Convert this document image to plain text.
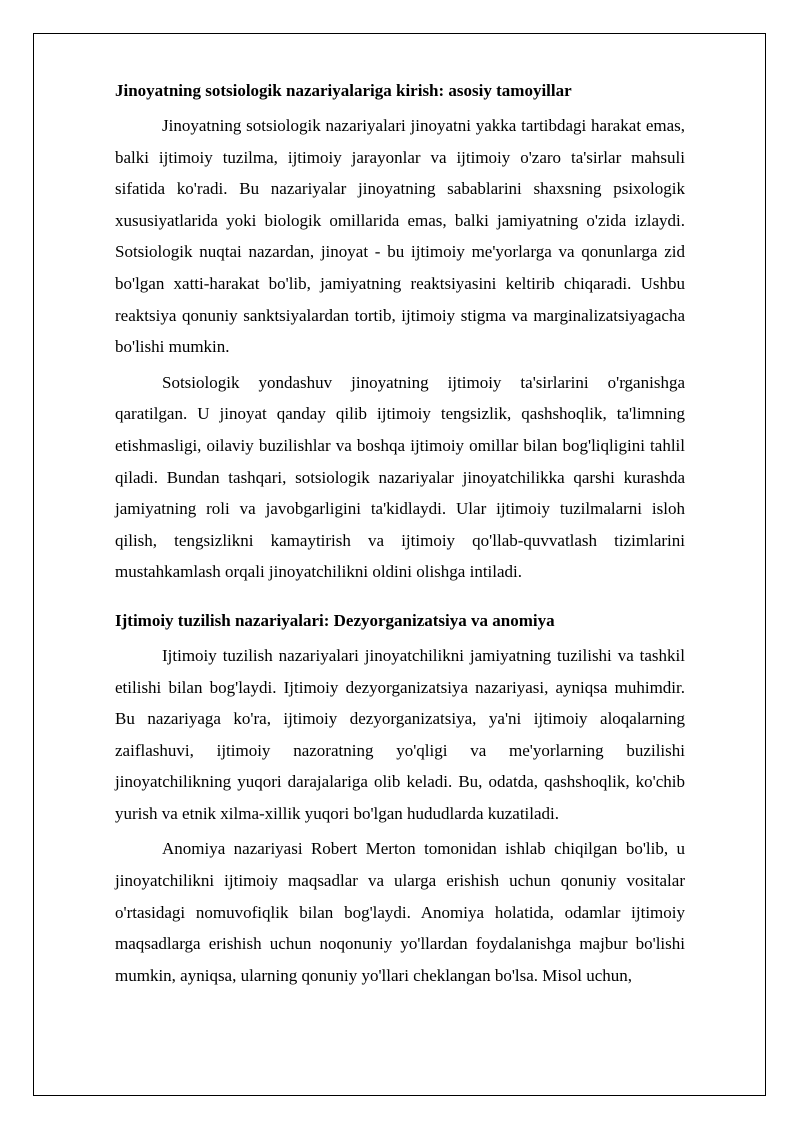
Jinoyatning sotsiologik nazariyalariga kirish: asosiy tamoyillar

Jinoyatning sotsiologik nazariyalari jinoyatni yakka tartibdagi harakat emas, balki ijtimoiy tuzilma, ijtimoiy jarayonlar va ijtimoiy o'zaro ta'sirlar mahsuli sifatida ko'radi. Bu nazariyalar jinoyatning sabablarini shaxsning psixologik xususiyatlarida yoki biologik omillarida emas, balki jamiyatning o'zida izlaydi. Sotsiologik nuqtai nazardan, jinoyat - bu ijtimoiy me'yorlarga va qonunlarga zid bo'lgan xatti-harakat bo'lib, jamiyatning reaktsiyasini keltirib chiqaradi. Ushbu reaktsiya qonuniy sanktsiyalardan tortib, ijtimoiy stigma va marginalizatsiyagacha bo'lishi mumkin.

Sotsiologik yondashuv jinoyatning ijtimoiy ta'sirlarini o'rganishga qaratilgan. U jinoyat qanday qilib ijtimoiy tengsizlik, qashshoqlik, ta'limning etishmasligi, oilaviy buzilishlar va boshqa ijtimoiy omillar bilan bog'liqligini tahlil qiladi. Bundan tashqari, sotsiologik nazariyalar jinoyatchilikka qarshi kurashda jamiyatning roli va javobgarligini ta'kidlaydi. Ular ijtimoiy tuzilmalarni isloh qilish, tengsizlikni kamaytirish va ijtimoiy qo'llab-quvvatlash tizimlarini mustahkamlash orqali jinoyatchilikni oldini olishga intiladi.

Ijtimoiy tuzilish nazariyalari: Dezyorganizatsiya va anomiya

Ijtimoiy tuzilish nazariyalari jinoyatchilikni jamiyatning tuzilishi va tashkil etilishi bilan bog'laydi. Ijtimoiy dezyorganizatsiya nazariyasi, ayniqsa muhimdir. Bu nazariyaga ko'ra, ijtimoiy dezyorganizatsiya, ya'ni ijtimoiy aloqalarning zaiflashuvi, ijtimoiy nazoratning yo'qligi va me'yorlarning buzilishi jinoyatchilikning yuqori darajalariga olib keladi. Bu, odatda, qashshoqlik, ko'chib yurish va etnik xilma-xillik yuqori bo'lgan hududlarda kuzatiladi.

Anomiya nazariyasi Robert Merton tomonidan ishlab chiqilgan bo'lib, u jinoyatchilikni ijtimoiy maqsadlar va ularga erishish uchun qonuniy vositalar o'rtasidagi nomuvofiqlik bilan bog'laydi. Anomiya holatida, odamlar ijtimoiy maqsadlarga erishish uchun noqonuniy yo'llardan foydalanishga majbur bo'lishi mumkin, ayniqsa, ularning qonuniy yo'llari cheklangan bo'lsa. Misol uchun,
